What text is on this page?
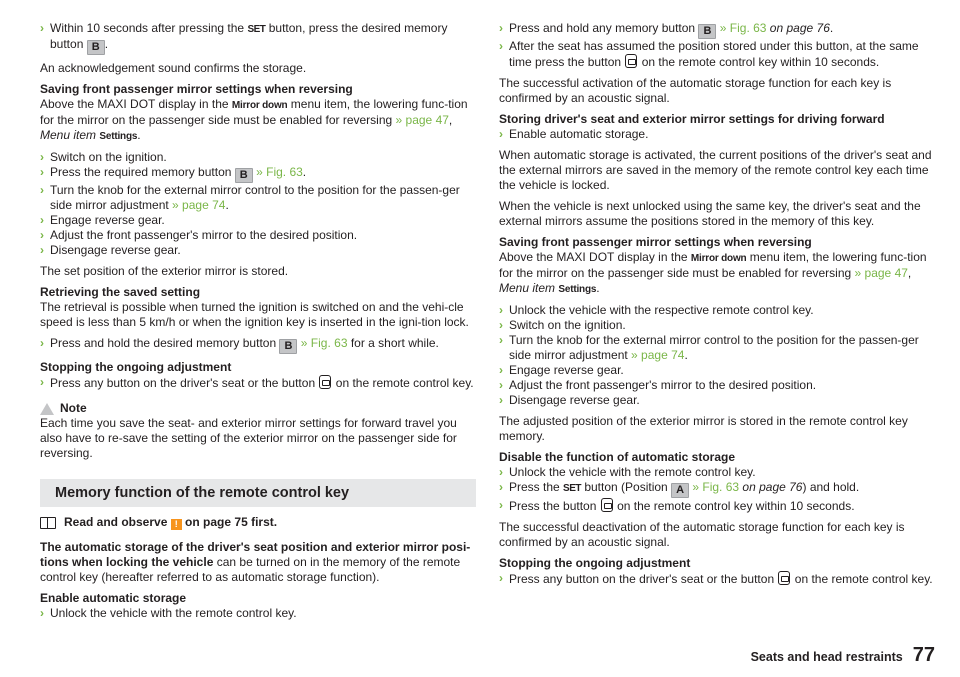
› Within 10 seconds after pressing the SET button, press the desired memory button B .

An acknowledgement sound confirms the storage.

Saving front passenger mirror settings when reversing
Above the MAXI DOT display in the Mirror down menu item, the lowering func-tion for the mirror on the passenger side must be enabled for reversing » page 47, Menu item Settings.

› Switch on the ignition.
› Press the required memory button B » Fig. 63.
› Turn the knob for the external mirror control to the position for the passen-ger side mirror adjustment » page 74.
› Engage reverse gear.
› Adjust the front passenger's mirror to the desired position.
› Disengage reverse gear.

The set position of the exterior mirror is stored.

Retrieving the saved setting
The retrieval is possible when turned the ignition is switched on and the vehi-cle speed is less than 5 km/h or when the ignition key is inserted in the igni-tion lock.

› Press and hold the desired memory button B » Fig. 63 for a short while.
Stopping the ongoing adjustment
› Press any button on the driver's seat or the button  on the remote control key.
Note

Each time you save the seat- and exterior mirror settings for forward travel you also have to re-save the setting of the exterior mirror on the passenger side for reversing.

Memory function of the remote control key
Read and observe ! on page 75 first.

The automatic storage of the driver's seat position and exterior mirror posi-tions when locking the vehicle can be turned on in the memory of the remote control key (hereafter referred to as automatic storage function).

Enable automatic storage
› Unlock the vehicle with the remote control key.
› Press and hold any memory button B » Fig. 63 on page 76.
› After the seat has assumed the position stored under this button, at the same time press the button  on the remote control key within 10 seconds.

The successful activation of the automatic storage function for each key is confirmed by an acoustic signal.

Storing driver's seat and exterior mirror settings for driving forward
› Enable automatic storage.

When automatic storage is activated, the current positions of the driver's seat and the external mirrors are saved in the memory of the remote control key each time the vehicle is locked.

When the vehicle is next unlocked using the same key, the driver's seat and the external mirrors assume the positions stored in the memory of this key.

Saving front passenger mirror settings when reversing
Above the MAXI DOT display in the Mirror down menu item, the lowering func-tion for the mirror on the passenger side must be enabled for reversing » page 47, Menu item Settings.

› Unlock the vehicle with the respective remote control key.
› Switch on the ignition.
› Turn the knob for the external mirror control to the position for the passen-ger side mirror adjustment » page 74.
› Engage reverse gear.
› Adjust the front passenger's mirror to the desired position.
› Disengage reverse gear.

The adjusted position of the exterior mirror is stored in the remote control key memory.

Disable the function of automatic storage
› Unlock the vehicle with the remote control key.
› Press the SET button (Position A » Fig. 63 on page 76) and hold.
› Press the button  on the remote control key within 10 seconds.

The successful deactivation of the automatic storage function for each key is confirmed by an acoustic signal.

Stopping the ongoing adjustment
› Press any button on the driver's seat or the button  on the remote control key.
Seats and head restraints 77
